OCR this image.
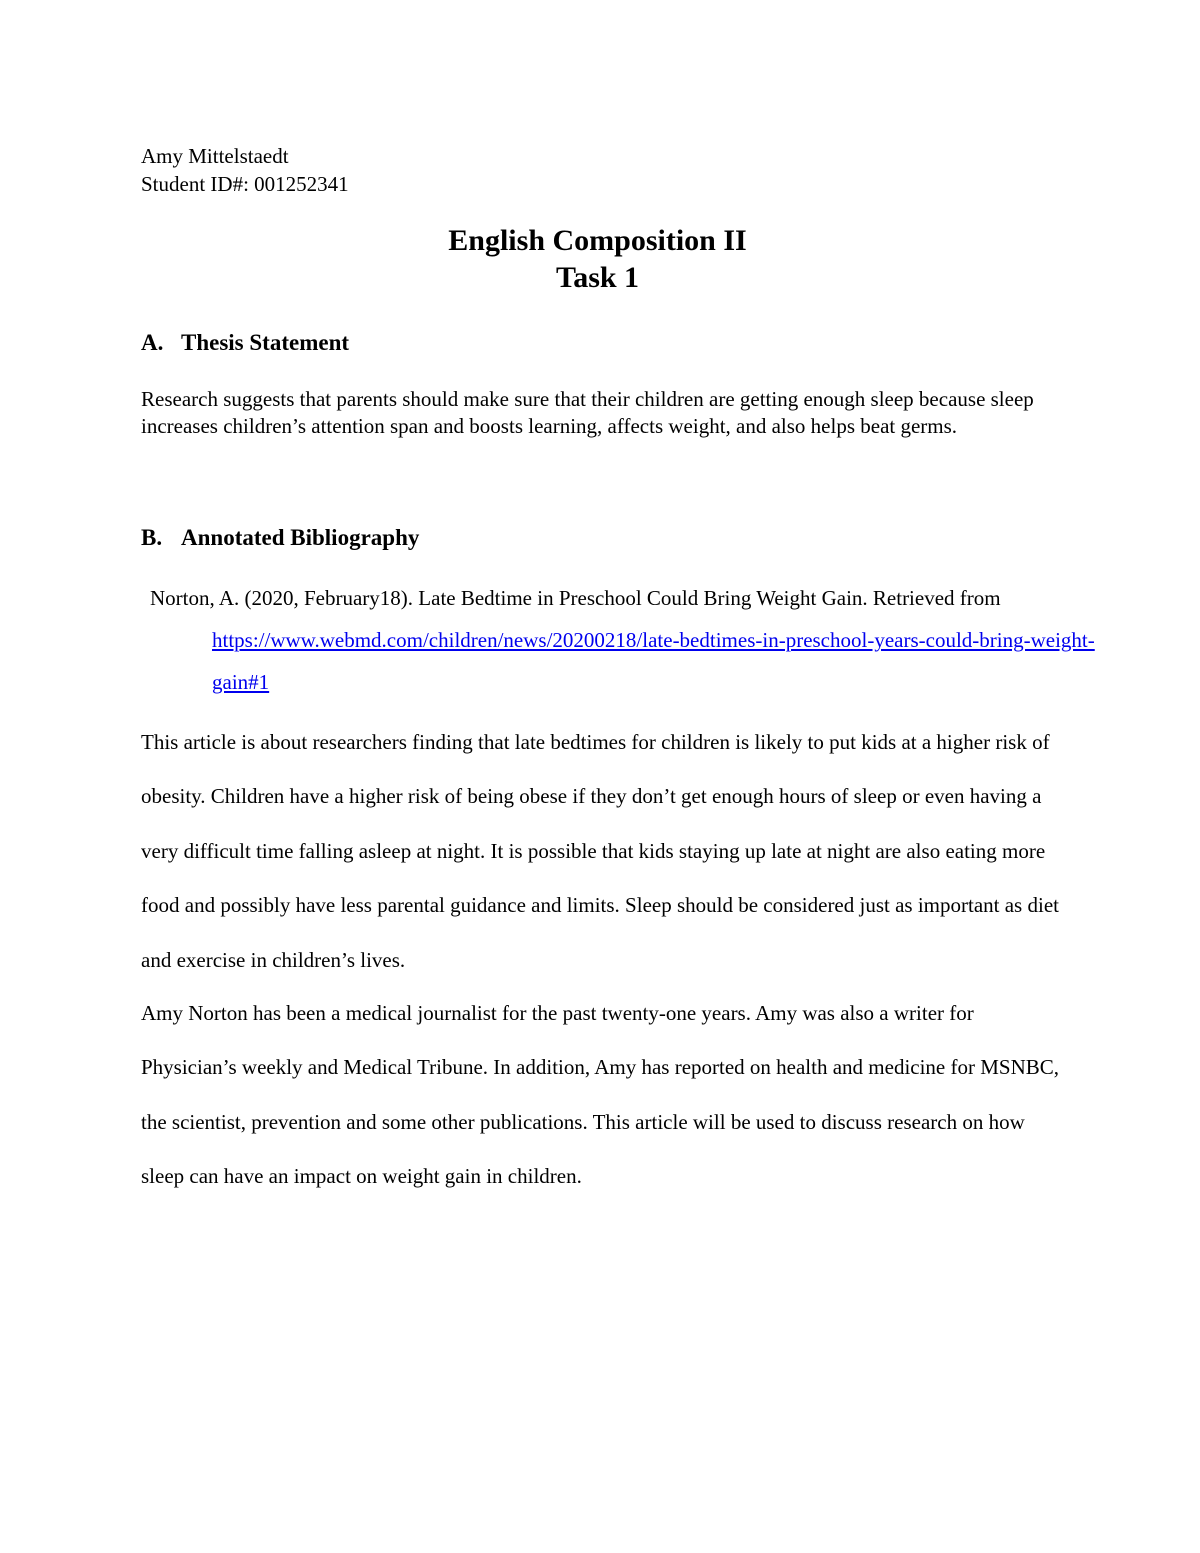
Amy Mittelstaedt
Student ID#: 001252341
English Composition II
Task 1
A. Thesis Statement

Research suggests that parents should make sure that their children are getting enough sleep because sleep increases children’s attention span and boosts learning, affects weight, and also helps beat germs.

B. Annotated Bibliography

Norton, A. (2020, February18). Late Bedtime in Preschool Could Bring Weight Gain. Retrieved from https://www.webmd.com/children/news/20200218/late-bedtimes-in-preschool-years-could-bring-weight-gain#1

This article is about researchers finding that late bedtimes for children is likely to put kids at a higher risk of obesity. Children have a higher risk of being obese if they don’t get enough hours of sleep or even having a very difficult time falling asleep at night. It is possible that kids staying up late at night are also eating more food and possibly have less parental guidance and limits. Sleep should be considered just as important as diet and exercise in children’s lives.

Amy Norton has been a medical journalist for the past twenty-one years. Amy was also a writer for Physician’s weekly and Medical Tribune. In addition, Amy has reported on health and medicine for MSNBC, the scientist, prevention and some other publications. This article will be used to discuss research on how sleep can have an impact on weight gain in children.
